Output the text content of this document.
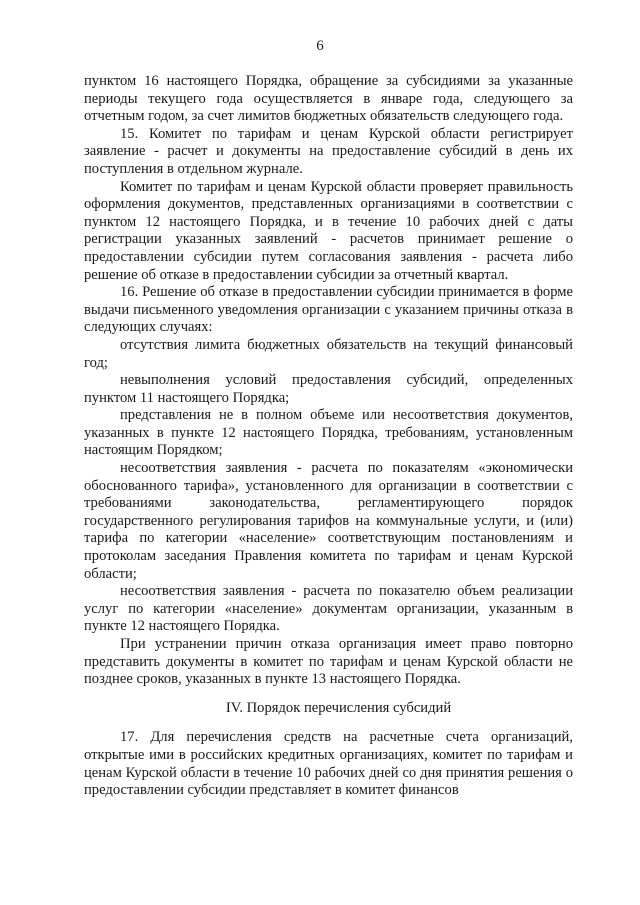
6

пунктом 16 настоящего Порядка, обращение за субсидиями за указанные периоды текущего года осуществляется в январе года, следующего за отчетным годом, за счет лимитов бюджетных обязательств следующего года.

15. Комитет по тарифам и ценам Курской области регистрирует заявление - расчет и документы на предоставление субсидий в день их поступления в отдельном журнале.

Комитет по тарифам и ценам Курской области проверяет правильность оформления документов, представленных организациями в соответствии с пунктом 12 настоящего Порядка, и в течение 10 рабочих дней с даты регистрации указанных заявлений - расчетов принимает решение о предоставлении субсидии путем согласования заявления - расчета либо решение об отказе в предоставлении субсидии за отчетный квартал.

16. Решение об отказе в предоставлении субсидии принимается в форме выдачи письменного уведомления организации с указанием причины отказа в следующих случаях:

отсутствия лимита бюджетных обязательств на текущий финансовый год;

невыполнения условий предоставления субсидий, определенных пунктом 11 настоящего Порядка;

представления не в полном объеме или несоответствия документов, указанных в пункте 12 настоящего Порядка, требованиям, установленным настоящим Порядком;

несоответствия заявления - расчета по показателям «экономически обоснованного тарифа», установленного для организации в соответствии с требованиями законодательства, регламентирующего порядок государственного регулирования тарифов на коммунальные услуги, и (или) тарифа по категории «население» соответствующим постановлениям и протоколам заседания Правления комитета по тарифам и ценам Курской области;

несоответствия заявления - расчета по показателю объем реализации услуг по категории «население» документам организации, указанным в пункте 12 настоящего Порядка.

При устранении причин отказа организация имеет право повторно представить документы в комитет по тарифам и ценам Курской области не позднее сроков, указанных в пункте 13 настоящего Порядка.

IV. Порядок перечисления субсидий

17. Для перечисления средств на расчетные счета организаций, открытые ими в российских кредитных организациях, комитет по тарифам и ценам Курской области в течение 10 рабочих дней со дня принятия решения о предоставлении субсидии представляет в комитет финансов
